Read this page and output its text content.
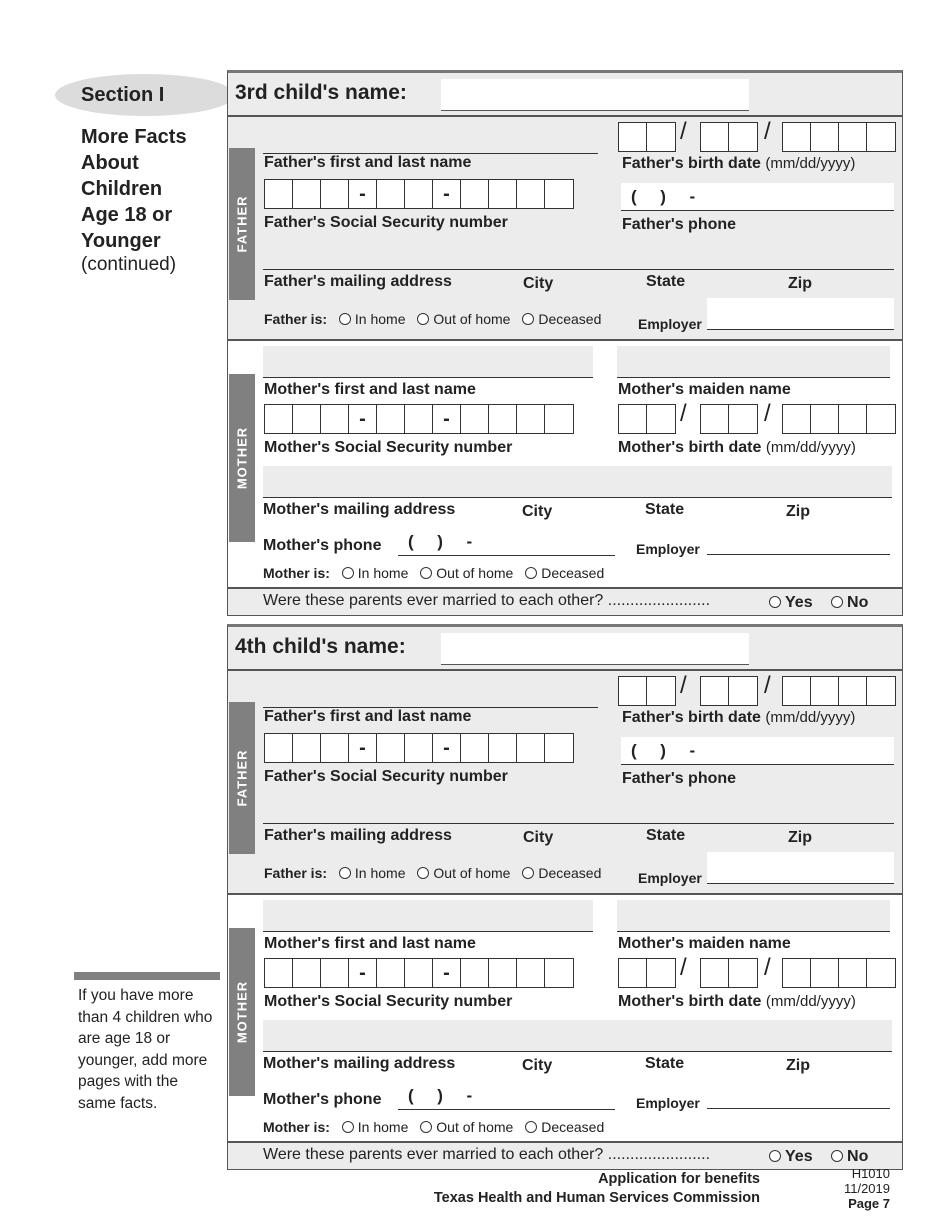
Section I
More Facts
About
Children
Age 18 or
Younger
(continued)
If you have more than 4 children who are age 18 or younger, add more pages with the same facts.
3rd child's name:
FATHER
Father's first and last name
/	/
Father's birth date (mm/dd/yyyy)
-	-
Father's Social Security number
(     )     -
Father's phone
Father's mailing address	City	State	Zip
Father is: In home Out of home Deceased	Employer
MOTHER
Mother's first and last name	Mother's maiden name
-	-
Mother's Social Security number
/	/
Mother's birth date (mm/dd/yyyy)
Mother's mailing address	City	State	Zip
Mother's phone (     )     -	Employer
Mother is: In home Out of home Deceased
Were these parents ever married to each other? .......................	Yes No
4th child's name:
FATHER
Father's first and last name
/	/
Father's birth date (mm/dd/yyyy)
-	-
Father's Social Security number
(     )     -
Father's phone
Father's mailing address	City	State	Zip
Father is: In home Out of home Deceased	Employer
MOTHER
Mother's first and last name	Mother's maiden name
-	-
Mother's Social Security number
/	/
Mother's birth date (mm/dd/yyyy)
Mother's mailing address	City	State	Zip
Mother's phone (     )     -	Employer
Mother is: In home Out of home Deceased
Were these parents ever married to each other? .......................	Yes No
Application for benefits
Texas Health and Human Services Commission
H1010
11/2019
Page 7
